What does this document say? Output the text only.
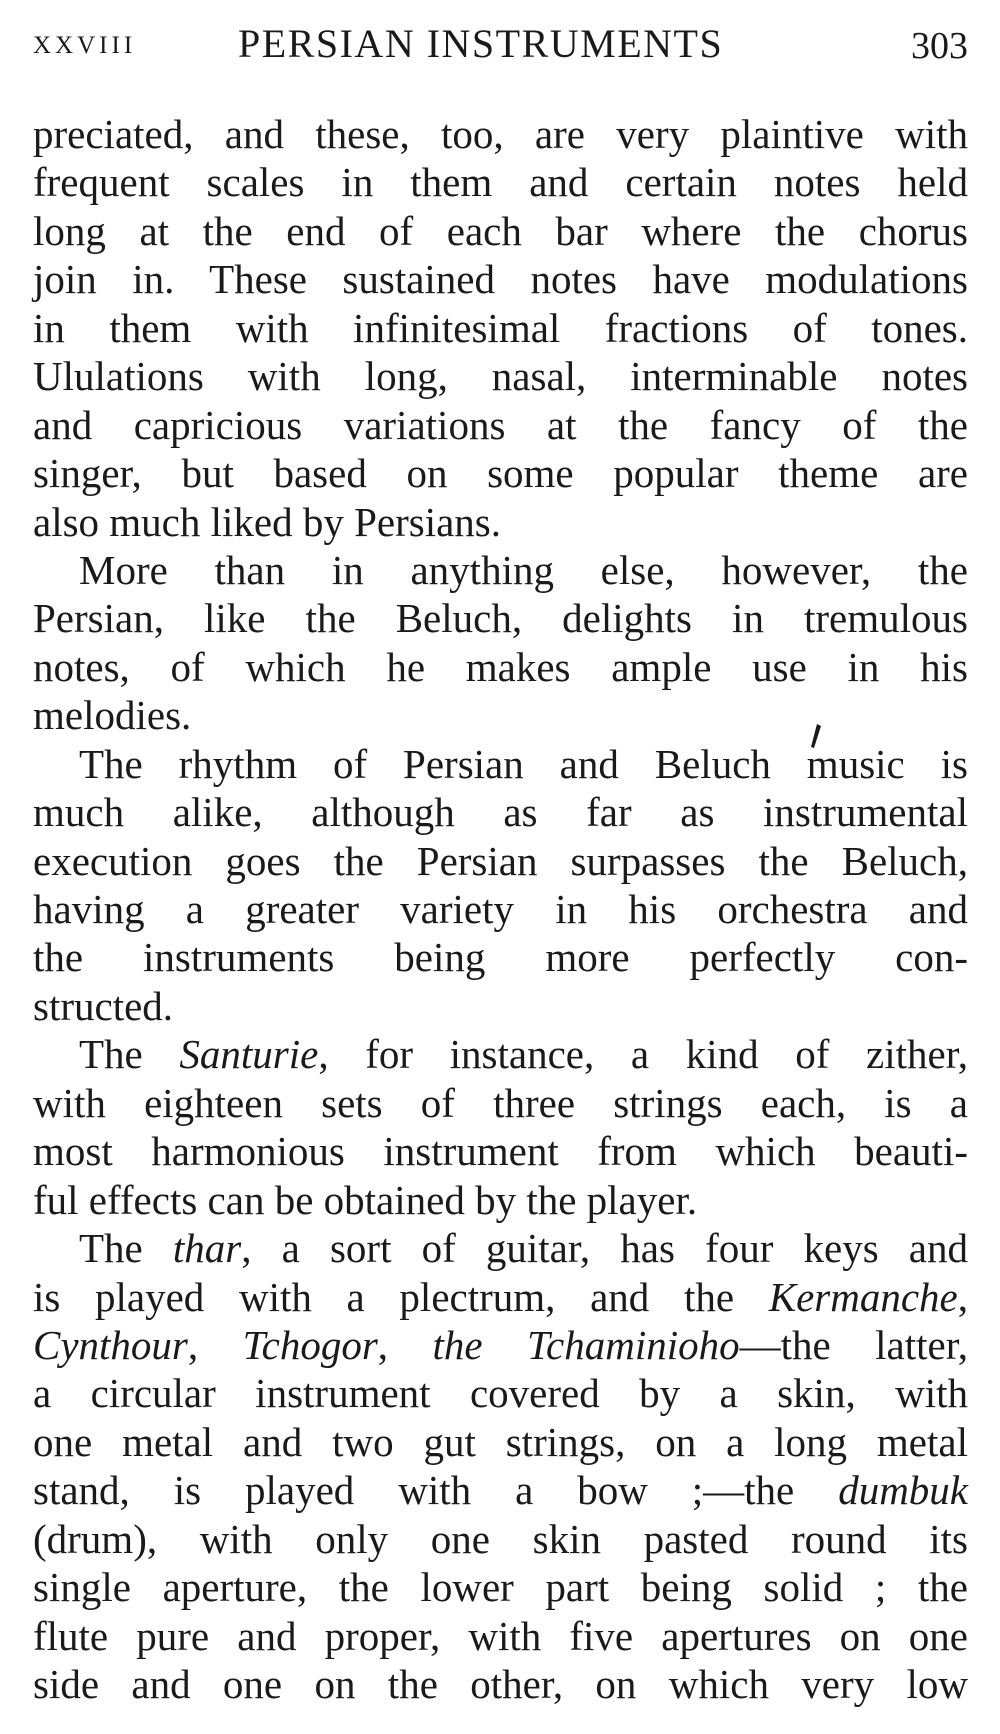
XXVIII	PERSIAN INSTRUMENTS	303
preciated, and these, too, are very plaintive with
frequent scales in them and certain notes held
long at the end of each bar where the chorus
join in. These sustained notes have modulations
in them with infinitesimal fractions of tones.
Ululations with long, nasal, interminable notes
and capricious variations at the fancy of the
singer, but based on some popular theme are
also much liked by Persians.
More than in anything else, however, the
Persian, like the Beluch, delights in tremulous
notes, of which he makes ample use in his
melodies.
The rhythm of Persian and Beluch music is
much alike, although as far as instrumental
execution goes the Persian surpasses the Beluch,
having a greater variety in his orchestra and
the instruments being more perfectly con-
structed.
The Santurie, for instance, a kind of zither,
with eighteen sets of three strings each, is a
most harmonious instrument from which beauti-
ful effects can be obtained by the player.
The thar, a sort of guitar, has four keys and
is played with a plectrum, and the Kermanche,
Cynthour, Tchogor, the Tchaminioho—the latter,
a circular instrument covered by a skin, with
one metal and two gut strings, on a long metal
stand, is played with a bow ;—the dumbuk
(drum), with only one skin pasted round its
single aperture, the lower part being solid ; the
flute pure and proper, with five apertures on one
side and one on the other, on which very low
